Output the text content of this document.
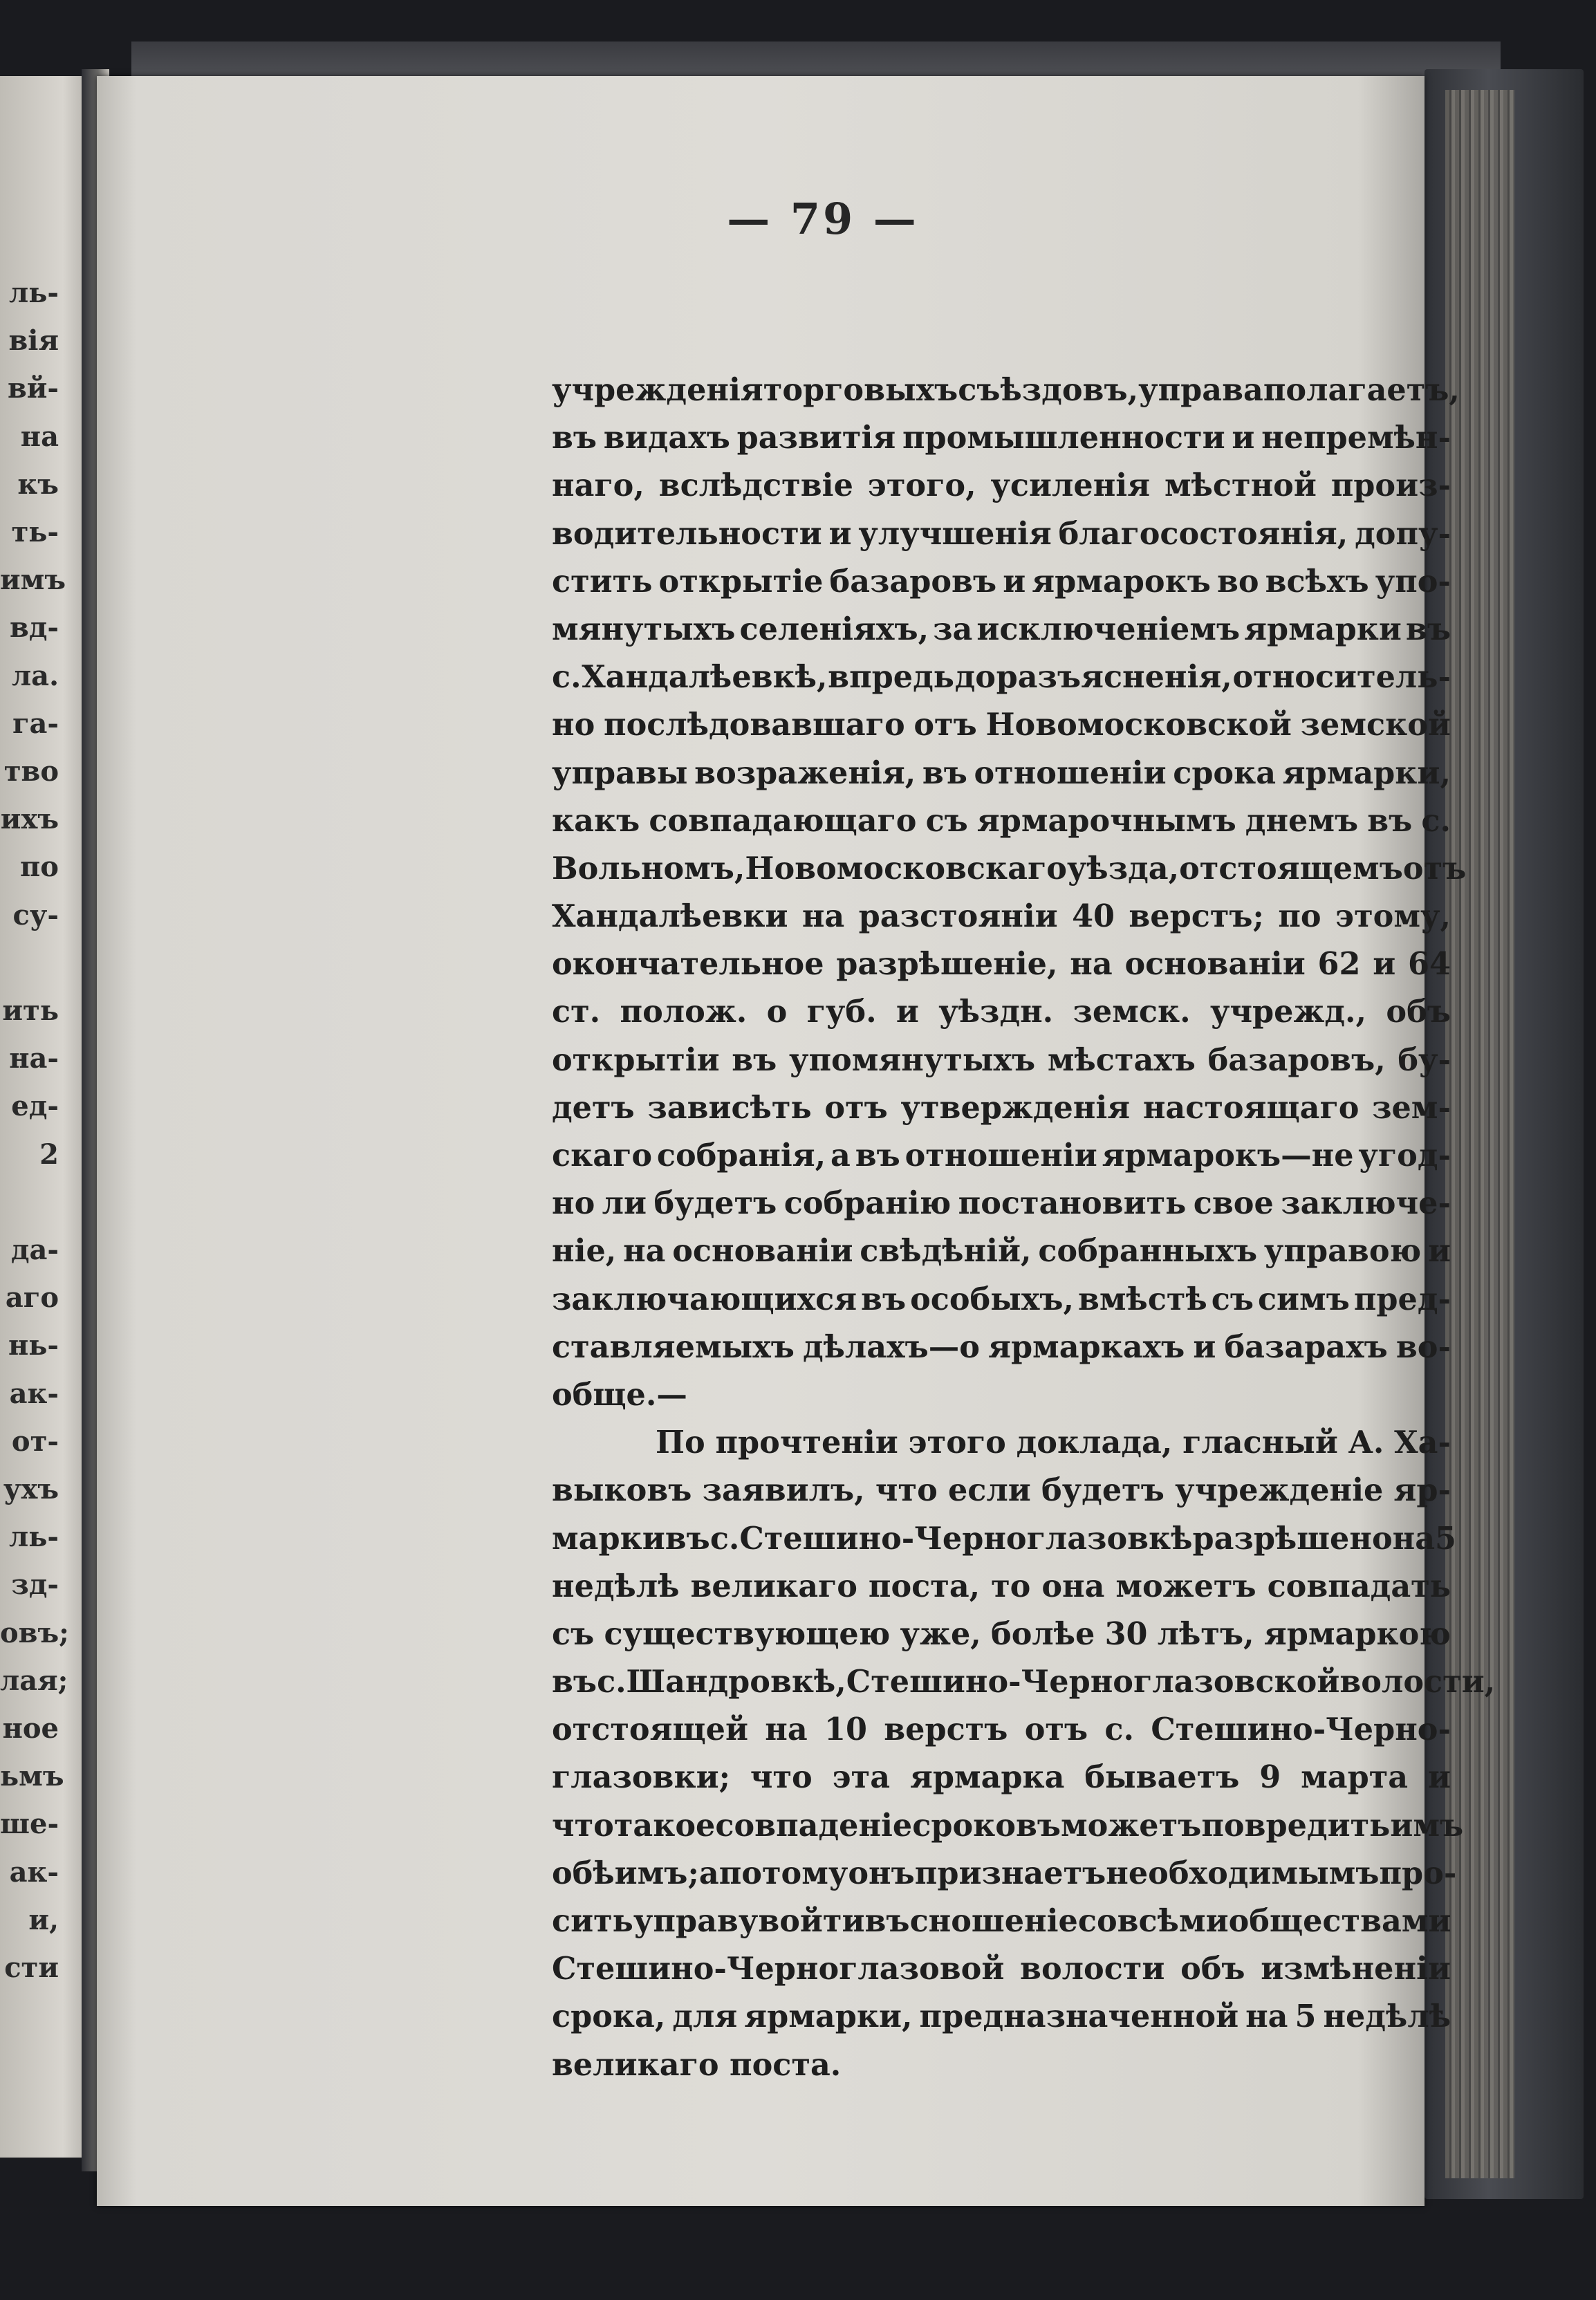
ль-
вія
вй-
на
къ
ть-
имъ
вд-
ла.
га-
тво
ихъ
по
су-
ить
на-
ед-
2
да-
аго
нь-
ак-
от-
ухъ
ль-
зд-
овъ;
лая;
ное
ьмъ
ше-
ак-
и,
сти
— 79 —
учрежденія торговыхъ съѣздовъ, управа полагаетъ,
въ видахъ развитія промышленности и непремѣн-
наго, вслѣдствіе этого, усиленія мѣстной произ-
водительности и улучшенія благосостоянія, допу-
стить открытіе базаровъ и ярмарокъ во всѣхъ упо-
мянутыхъ селеніяхъ, за исключеніемъ ярмарки въ
с. Хандалѣевкѣ, впредь до разъясненія, относитель-
но послѣдовавшаго отъ Новомосковской земской
управы возраженія, въ отношеніи срока ярмарки,
какъ совпадающаго съ ярмарочнымъ днемъ въ с.
Вольномъ, Новомосковскаго уѣзда, отстоящемъ отъ
Хандалѣевки на разстояніи 40 верстъ; по этому,
окончательное разрѣшеніе, на основаніи 62 и 64
ст. полож. о губ. и уѣздн. земск. учрежд., объ
открытіи въ упомянутыхъ мѣстахъ базаровъ, бу-
детъ зависѣть отъ утвержденія настоящаго зем-
скаго собранія, а въ отношеніи ярмарокъ—не угод-
но ли будетъ собранію постановить свое заключе-
ніе, на основаніи свѣдѣній, собранныхъ управою и
заключающихся въ особыхъ, вмѣстѣ съ симъ пред-
ставляемыхъ дѣлахъ—о ярмаркахъ и базарахъ во-
обще.—
По прочтеніи этого доклада, гласный А. Ха-
выковъ заявилъ, что если будетъ учрежденіе яр-
марки въ с. Стешино-Черноглазовкѣ разрѣшено на 5
недѣлѣ великаго поста, то она можетъ совпадать
съ существующею уже, болѣе 30 лѣтъ, ярмаркою
въ с. Шандровкѣ, Стешино-Черноглазовской волости,
отстоящей на 10 верстъ отъ с. Стешино-Черно-
глазовки; что эта ярмарка бываетъ 9 марта и
что такое совпаденіе сроковъ можетъ повредить имъ
обѣимъ; а потому онъ признаетъ необходимымъ про-
сить управу войти въ сношеніе со всѣми обществами
Стешино-Черноглазовой волости объ измѣненіи
срока, для ярмарки, предназначенной на 5 недѣлѣ
великаго поста.
